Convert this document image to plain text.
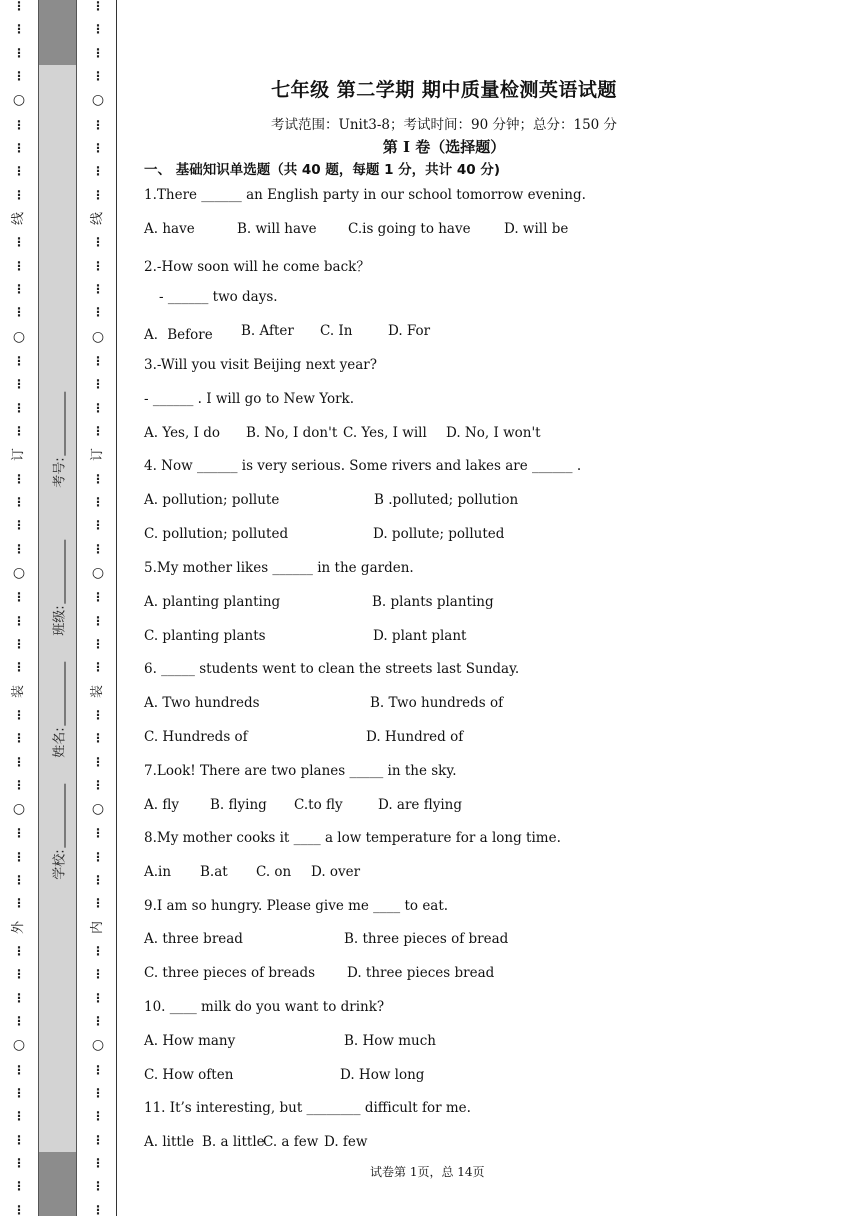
⋮
⋮
⋮
⋮
○
⋮
⋮
⋮
⋮
线
⋮
⋮
⋮
⋮
○
⋮
⋮
⋮
⋮
订
⋮
⋮
⋮
⋮
○
⋮
⋮
⋮
⋮
装
⋮
⋮
⋮
⋮
○
⋮
⋮
⋮
⋮
外
⋮
⋮
⋮
⋮
○
⋮
⋮
⋮
⋮
⋮
⋮
⋮
考号:
班级:
姓名:
学校:
⋮
⋮
⋮
⋮
○
⋮
⋮
⋮
⋮
线
⋮
⋮
⋮
⋮
○
⋮
⋮
⋮
⋮
订
⋮
⋮
⋮
⋮
○
⋮
⋮
⋮
⋮
装
⋮
⋮
⋮
⋮
○
⋮
⋮
⋮
⋮
内
⋮
⋮
⋮
⋮
○
⋮
⋮
⋮
⋮
⋮
⋮
⋮
七年级 第二学期 期中质量检测英语试题
考试范围：Unit3-8；考试时间：90 分钟；总分：150 分
第 I 卷（选择题）
一、 基础知识单选题（共 40 题，每题 1 分，共计 40 分)
1.There ______ an English party in our school tomorrow evening.
A. have	B. will have C.is going to have D. will be
2.-How soon will he come back？
- ______ two days.
A．Before B. After C. In	D. For
3.-Will you visit Beijing next year?
- ______ . I will go to New York.
A. Yes, I do B. No, I don't C. Yes, I will D. No, I won't
4. Now ______ is very serious. Some rivers and lakes are ______ .
A. pollution; pollute	B .polluted; pollution
C. pollution; polluted	D. pollute; polluted
5.My mother likes ______ in the garden.
A. planting planting	B. plants planting
C. planting plants	D. plant plant
6. _____ students went to clean the streets last Sunday.
A. Two hundreds	B. Two hundreds of
C. Hundreds of	D. Hundred of
7.Look! There are two planes _____ in the sky.
A. fly B. flying C.to fly	D. are flying
8.My mother cooks it ____ a low temperature for a long time.
A.in B.at C. on D. over
9.I am so hungry. Please give me ____ to eat.
A. three bread	B. three pieces of bread
C. three pieces of breads D. three pieces bread
10. ____ milk do you want to drink?
A. How many	B. How much
C. How often	D. How long
11. It’s interesting, but ________ difficult for me.
A. little B. a little
C. a few D. few
试卷第 1页，总 14页
